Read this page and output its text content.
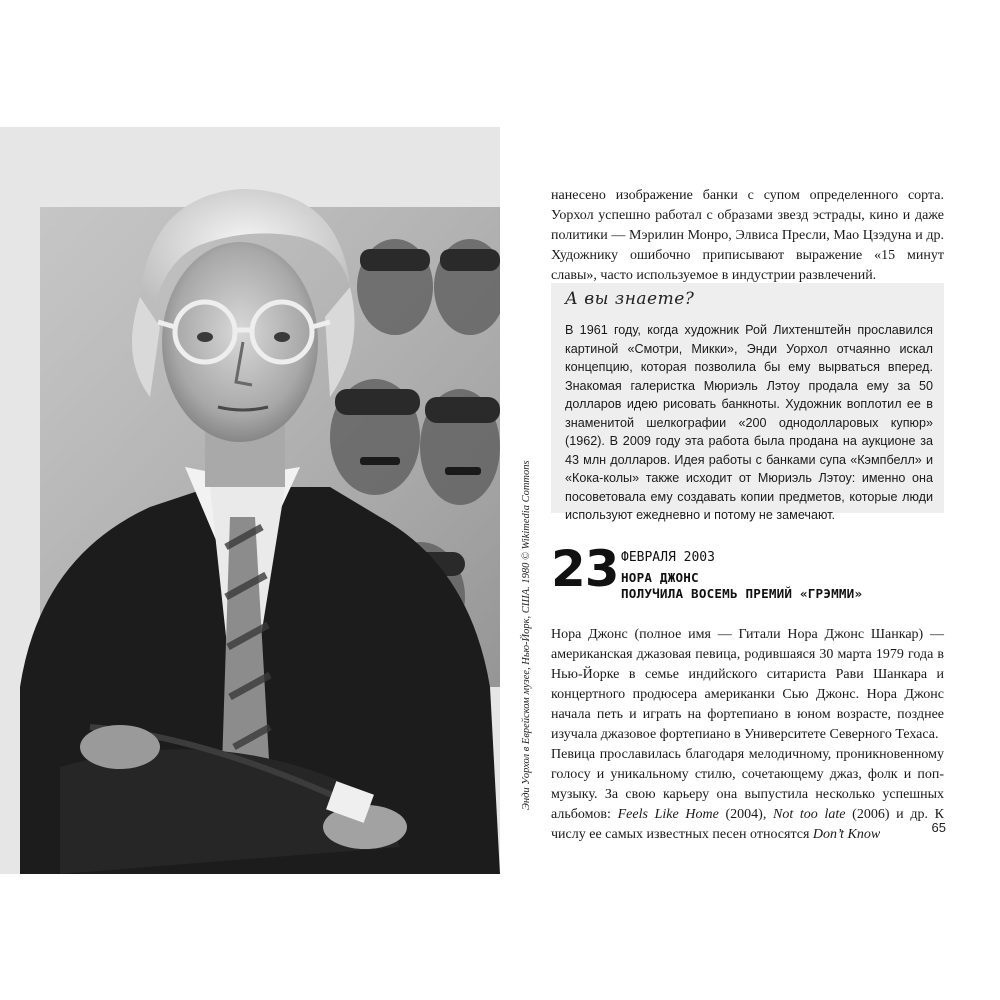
Энди Уорхол в Еврейском музее, Нью-Йорк, США. 1980 © Wikimedia Commons

нанесено изображение банки с супом определенного сорта. Уорхол успешно работал с образами звезд эстрады, кино и даже политики — Мэрилин Монро, Элвиса Пресли, Мао Цзэдуна и др. Художнику ошибочно приписывают выражение «15 минут славы», часто используемое в индустрии развлечений.

А вы знаете?
В 1961 году, когда художник Рой Лихтенштейн прославился картиной «Смотри, Микки», Энди Уорхол отчаянно искал концепцию, которая позволила бы ему вырваться вперед. Знакомая галеристка Мюриэль Лэтоу продала ему за 50 долларов идею рисовать банкноты. Художник воплотил ее в знаменитой шелкографии «200 однодолларовых купюр» (1962). В 2009 году эта работа была продана на аукционе за 43 млн долларов. Идея работы с банками супа «Кэмпбелл» и «Кока-колы» также исходит от Мюриэль Лэтоу: именно она посоветовала ему создавать копии предметов, которые люди используют ежедневно и потому не замечают.
23 ФЕВРАЛЯ 2003
НОРА ДЖОНС
ПОЛУЧИЛА ВОСЕМЬ ПРЕМИЙ «ГРЭММИ»

Нора Джонс (полное имя — Гитали Нора Джонс Шанкар) — американская джазовая певица, родившаяся 30 марта 1979 года в Нью-Йорке в семье индийского ситариста Рави Шанкара и концертного продюсера американки Сью Джонс. Нора Джонс начала петь и играть на фортепиано в юном возрасте, позднее изучала джазовое фортепиано в Университете Северного Техаса.

Певица прославилась благодаря мелодичному, проникновенному голосу и уникальному стилю, сочетающему джаз, фолк и поп-музыку. За свою карьеру она выпустила несколько успешных альбомов: Feels Like Home (2004), Not too late (2006) и др. К числу ее самых известных песен относятся Don’t Know	65
